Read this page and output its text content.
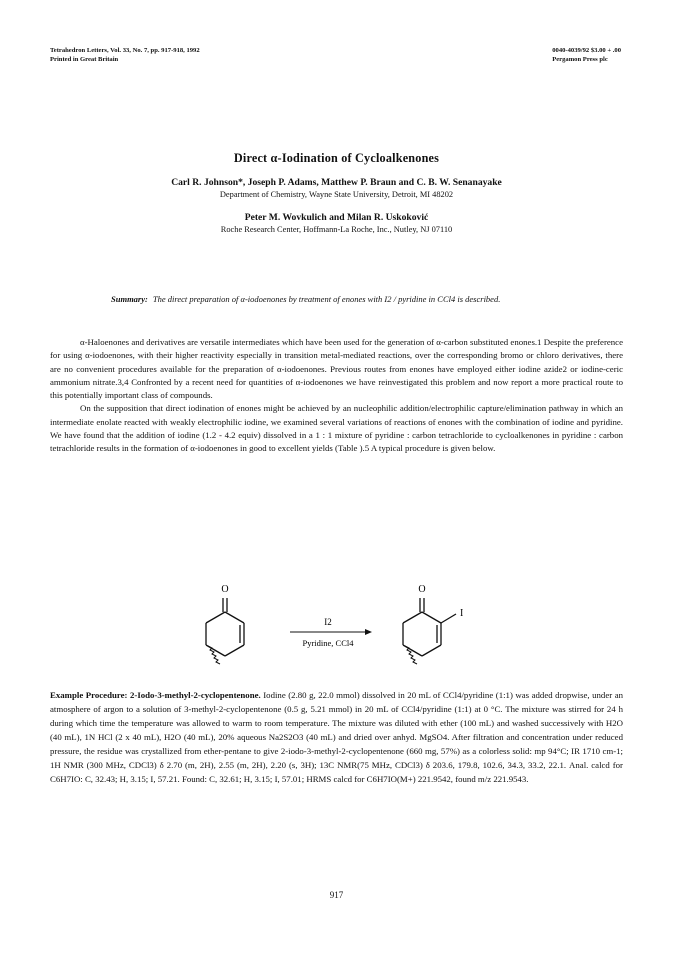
Tetrahedron Letters, Vol. 33, No. 7, pp. 917-918, 1992
Printed in Great Britain
0040-4039/92 $3.00 + .00
Pergamon Press plc
Direct α-Iodination of Cycloalkenones
Carl R. Johnson*, Joseph P. Adams, Matthew P. Braun and C. B. W. Senanayake
Department of Chemistry, Wayne State University, Detroit, MI 48202
Peter M. Wovkulich and Milan R. Uskoković
Roche Research Center, Hoffmann-La Roche, Inc., Nutley, NJ 07110
Summary: The direct preparation of α-iodoenones by treatment of enones with I2 / pyridine in CCl4 is described.

α-Haloenones and derivatives are versatile intermediates which have been used for the generation of α-carbon substituted enones.1 Despite the preference for using α-iodoenones, with their higher reactivity especially in transition metal-mediated reactions, over the corresponding bromo or chloro derivatives, there are no convenient procedures available for the preparation of α-iodoenones. Previous routes from enones have employed either iodine azide2 or iodine-ceric ammonium nitrate.3,4 Confronted by a recent need for quantities of α-iodoenones we have reinvestigated this problem and now report a more practical route to this potentially important class of compounds.

On the supposition that direct iodination of enones might be achieved by an nucleophilic addition/electrophilic capture/elimination pathway in which an intermediate enolate reacted with weakly electrophilic iodine, we examined several variations of reactions of enones with the combination of iodine and pyridine. We have found that the addition of iodine (1.2 - 4.2 equiv) dissolved in a 1 : 1 mixture of pyridine : carbon tetrachloride to cycloalkenones in pyridine : carbon tetrachloride results in the formation of α-iodoenones in good to excellent yields (Table ).5 A typical procedure is given below.

O
I2
Pyridine, CCl4
O
I
Example Procedure: 2-Iodo-3-methyl-2-cyclopentenone. Iodine (2.80 g, 22.0 mmol) dissolved in 20 mL of CCl4/pyridine (1:1) was added dropwise, under an atmosphere of argon to a solution of 3-methyl-2-cyclopentenone (0.5 g, 5.21 mmol) in 20 mL of CCl4/pyridine (1:1) at 0 °C. The mixture was stirred for 24 h during which time the temperature was allowed to warm to room temperature. The mixture was diluted with ether (100 mL) and washed successively with H2O (40 mL), 1N HCl (2 x 40 mL), H2O (40 mL), 20% aqueous Na2S2O3 (40 mL) and dried over anhyd. MgSO4. After filtration and concentration under reduced pressure, the residue was crystallized from ether-pentane to give 2-iodo-3-methyl-2-cyclopentenone (660 mg, 57%) as a colorless solid: mp 94°C; IR 1710 cm-1; 1H NMR (300 MHz, CDCl3) δ 2.70 (m, 2H), 2.55 (m, 2H), 2.20 (s, 3H); 13C NMR(75 MHz, CDCl3) δ 203.6, 179.8, 102.6, 34.3, 33.2, 22.1. Anal. calcd for C6H7IO: C, 32.43; H, 3.15; I, 57.21. Found: C, 32.61; H, 3.15; I, 57.01; HRMS calcd for C6H7IO(M+) 221.9542, found m/z 221.9543.
917
